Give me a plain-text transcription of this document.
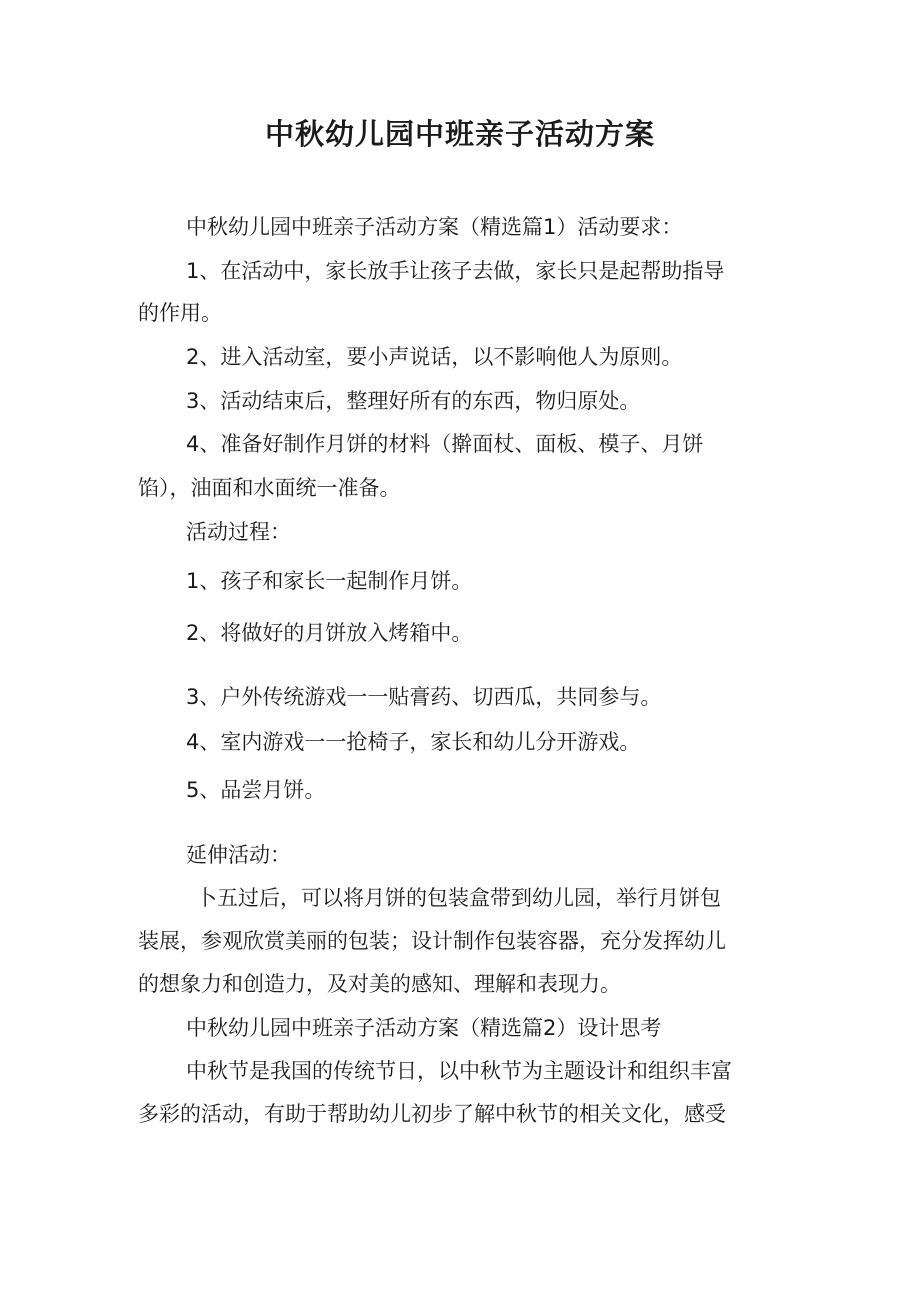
中秋幼儿园中班亲子活动方案
中秋幼儿园中班亲子活动方案（精选篇1）活动要求：
1、在活动中，家长放手让孩子去做，家长只是起帮助指导
的作用。
2、进入活动室，要小声说话，以不影响他人为原则。
3、活动结束后，整理好所有的东西，物归原处。
4、准备好制作月饼的材料（擀面杖、面板、模子、月饼
馅），油面和水面统一准备。
活动过程：
1、孩子和家长一起制作月饼。
2、将做好的月饼放入烤箱中。
3、户外传统游戏一一贴膏药、切西瓜，共同参与。
4、室内游戏一一抢椅子，家长和幼儿分开游戏。
5、品尝月饼。
延伸活动：
卜五过后，可以将月饼的包装盒带到幼儿园，举行月饼包
装展，参观欣赏美丽的包装；设计制作包装容器，充分发挥幼儿
的想象力和创造力，及对美的感知、理解和表现力。
中秋幼儿园中班亲子活动方案（精选篇2）设计思考
中秋节是我国的传统节日，以中秋节为主题设计和组织丰富
多彩的活动，有助于帮助幼儿初步了解中秋节的相关文化，感受
